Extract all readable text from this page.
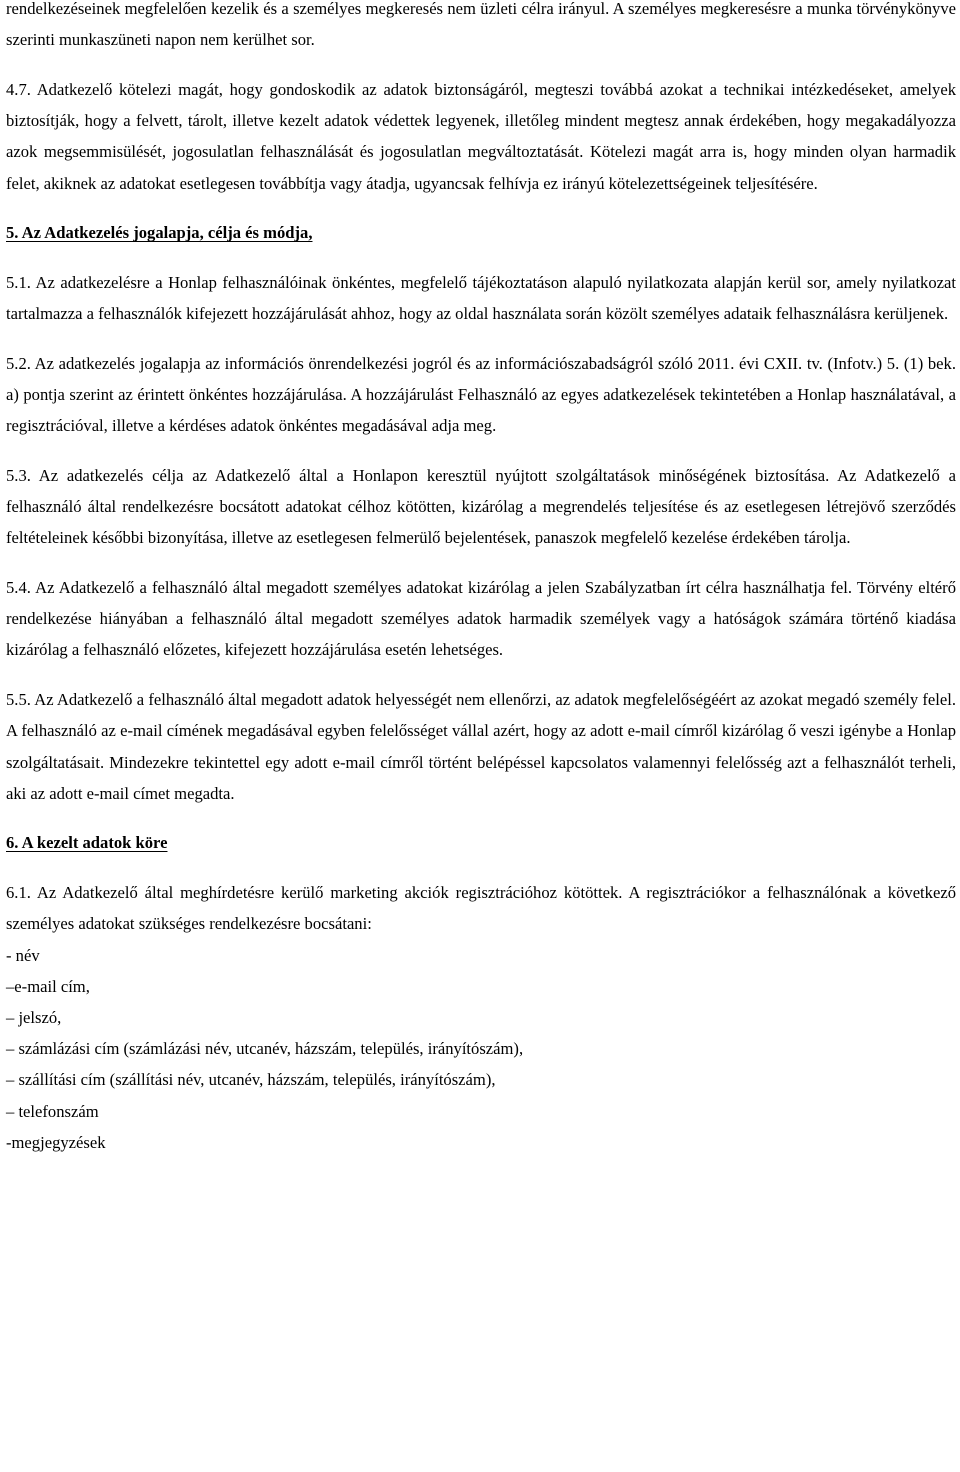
rendelkezéseinek megfelelően kezelik és a személyes megkeresés nem üzleti célra irányul. A személyes megkeresésre a munka törvénykönyve szerinti munkaszüneti napon nem kerülhet sor.

4.7. Adatkezelő kötelezi magát, hogy gondoskodik az adatok biztonságáról, megteszi továbbá azokat a technikai intézkedéseket, amelyek biztosítják, hogy a felvett, tárolt, illetve kezelt adatok védettek legyenek, illetőleg mindent megtesz annak érdekében, hogy megakadályozza azok megsemmisülését, jogosulatlan felhasználását és jogosulatlan megváltoztatását. Kötelezi magát arra is, hogy minden olyan harmadik felet, akiknek az adatokat esetlegesen továbbítja vagy átadja, ugyancsak felhívja ez irányú kötelezettségeinek teljesítésére.

5. Az Adatkezelés jogalapja, célja és módja,

5.1. Az adatkezelésre a Honlap felhasználóinak önkéntes, megfelelő tájékoztatáson alapuló nyilatkozata alapján kerül sor, amely nyilatkozat tartalmazza a felhasználók kifejezett hozzájárulását ahhoz, hogy az oldal használata során közölt személyes adataik felhasználásra kerüljenek.

5.2. Az adatkezelés jogalapja az információs önrendelkezési jogról és az információszabadságról szóló 2011. évi CXII. tv. (Infotv.) 5. (1) bek. a) pontja szerint az érintett önkéntes hozzájárulása. A hozzájárulást Felhasználó az egyes adatkezelések tekintetében a Honlap használatával, a regisztrációval, illetve a kérdéses adatok önkéntes megadásával adja meg.

5.3. Az adatkezelés célja az Adatkezelő által a Honlapon keresztül nyújtott szolgáltatások minőségének biztosítása. Az Adatkezelő a felhasználó által rendelkezésre bocsátott adatokat célhoz kötötten, kizárólag a megrendelés teljesítése és az esetlegesen létrejövő szerződés feltételeinek későbbi bizonyítása, illetve az esetlegesen felmerülő bejelentések, panaszok megfelelő kezelése érdekében tárolja.

5.4. Az Adatkezelő a felhasználó által megadott személyes adatokat kizárólag a jelen Szabályzatban írt célra használhatja fel. Törvény eltérő rendelkezése hiányában a felhasználó által megadott személyes adatok harmadik személyek vagy a hatóságok számára történő kiadása kizárólag a felhasználó előzetes, kifejezett hozzájárulása esetén lehetséges.

5.5. Az Adatkezelő a felhasználó által megadott adatok helyességét nem ellenőrzi, az adatok megfelelőségéért az azokat megadó személy felel. A felhasználó az e-mail címének megadásával egyben felelősséget vállal azért, hogy az adott e-mail címről kizárólag ő veszi igénybe a Honlap szolgáltatásait. Mindezekre tekintettel egy adott e-mail címről történt belépéssel kapcsolatos valamennyi felelősség azt a felhasználót terheli, aki az adott e-mail címet megadta.

6. A kezelt adatok köre

6.1. Az Adatkezelő által meghírdetésre kerülő marketing akciók regisztrációhoz kötöttek. A regisztrációkor a felhasználónak a következő személyes adatokat szükséges rendelkezésre bocsátani:

- név
–e-mail cím,
– jelszó,
– számlázási cím (számlázási név, utcanév, házszám, település, irányítószám),
– szállítási cím (szállítási név, utcanév, házszám, település, irányítószám),
– telefonszám
-megjegyzések
